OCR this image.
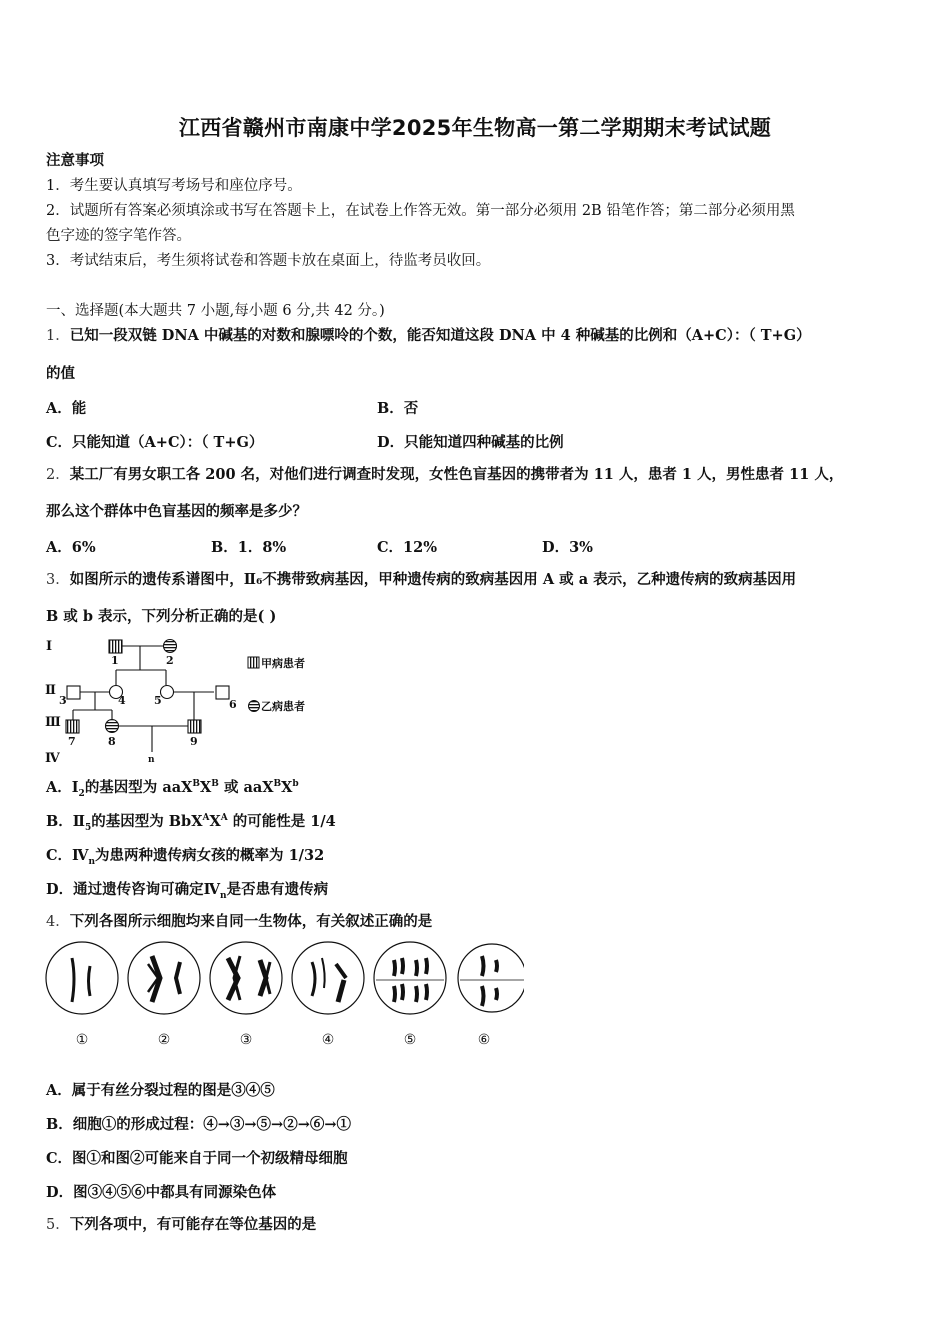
江西省赣州市南康中学2025年生物高一第二学期期末考试试题
注意事项
1．考生要认真填写考场号和座位序号。
2．试题所有答案必须填涂或书写在答题卡上，在试卷上作答无效。第一部分必须用 2B 铅笔作答；第二部分必须用黑
色字迹的签字笔作答。
3．考试结束后，考生须将试卷和答题卡放在桌面上，待监考员收回。
一、选择题(本大题共 7 小题,每小题 6 分,共 42 分。)
1．已知一段双链 DNA 中碱基的对数和腺嘌呤的个数，能否知道这段 DNA 中 4 种碱基的比例和（A+C）：（ T+G）
的值
A．能	B．否
C．只能知道（A+C）：（ T+G）	D．只能知道四种碱基的比例
2．某工厂有男女职工各 200 名，对他们进行调查时发现，女性色盲基因的携带者为 11 人，患者 1 人，男性患者 11 人，
那么这个群体中色盲基因的频率是多少？
A．6%	B．1．8%	C．12%	D．3%
3．如图所示的遗传系谱图中，Ⅱ₆不携带致病基因，甲种遗传病的致病基因用 A 或 a 表示，乙种遗传病的致病基因用
B 或 b 表示，下列分析正确的是( )
I
Ⅱ
Ⅲ
Ⅳ
1	2
3	4	5	6
7	8	9
n
甲病患者
乙病患者
A．$Ⅰ_2$的基因型为 $aaX^BX^B$ 或 $aaX^BX^b$
B．$Ⅱ_5$的基因型为 $BbX^AX^A$ 的可能性是 1/4
C．$Ⅳ_n$为患两种遗传病女孩的概率为 1/32
D．通过遗传咨询可确定$Ⅳ_n$是否患有遗传病
4．下列各图所示细胞均来自同一生物体，有关叙述正确的是
①	②	③	④	⑤	⑥
A．属于有丝分裂过程的图是③④⑤
B．细胞①的形成过程：④→③→⑤→②→⑥→①
C．图①和图②可能来自于同一个初级精母细胞
D．图③④⑤⑥中都具有同源染色体
5．下列各项中，有可能存在等位基因的是
